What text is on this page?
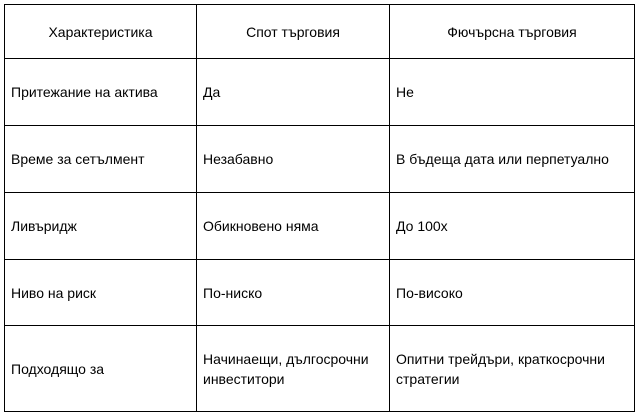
Характеристика	Спот търговия	Фючърсна търговия
Притежание на актива	Да	Не
Време за сетълмент	Незабавно	В бъдеща дата или перпетуално
Ливъридж	Обикновено няма	До 100x
Ниво на риск	По-ниско	По-високо
Подходящо за	Начинаещи, дългосрочни инвеститори	Опитни трейдъри, краткосрочни стратегии
